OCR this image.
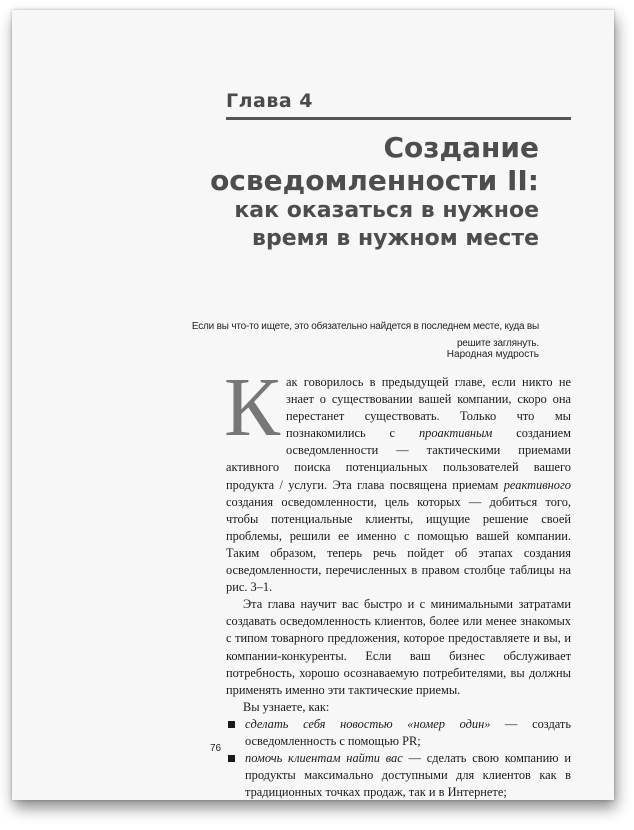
Глава 4
Создание
осведомленности II:
как оказаться в нужное
время в нужном месте
Если вы что-то ищете, это обязательно найдется в последнем месте, куда вы решите заглянуть.
Народная мудрость

Как говорилось в предыдущей главе, если никто не знает о существовании вашей компании, скоро она перестанет существовать. Только что мы познакомились с проактивным созданием осведомленности — тактическими приемами активного поиска потенциальных пользователей вашего продукта / услуги. Эта глава посвящена приемам реактивного создания осведомленности, цель которых — добиться того, чтобы потенциальные клиенты, ищущие решение своей проблемы, решили ее именно с помощью вашей компании. Таким образом, теперь речь пойдет об этапах создания осведомленности, перечисленных в правом столбце таблицы на рис. 3–1.

Эта глава научит вас быстро и с минимальными затратами создавать осведомленность клиентов, более или менее знакомых с типом товарного предложения, которое предоставляете и вы, и компании-конкуренты. Если ваш бизнес обслуживает потребность, хорошо осознаваемую потребителями, вы должны применять именно эти тактические приемы.

Вы узнаете, как:

сделать себя новостью «номер один» — создать осведомленность с помощью PR;
помочь клиентам найти вас — сделать свою компанию и продукты максимально доступными для клиентов как в традиционных точках продаж, так и в Интернете;
76
